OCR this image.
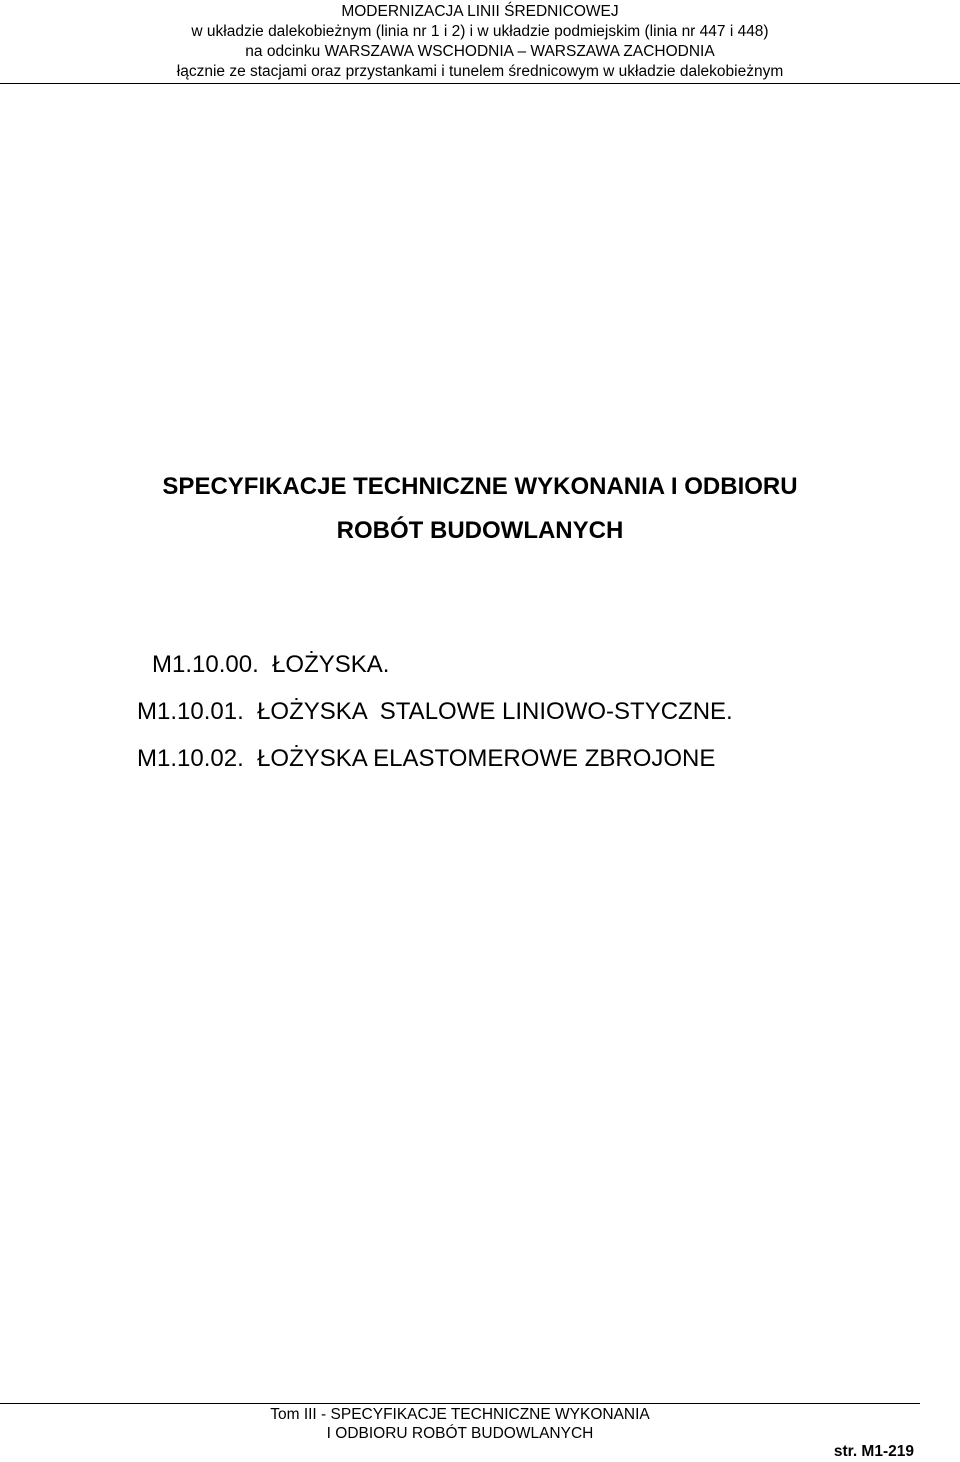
MODERNIZACJA LINII ŚREDNICOWEJ
w układzie dalekobieżnym (linia nr 1 i 2) i w układzie podmiejskim (linia nr 447 i 448)
na odcinku WARSZAWA WSCHODNIA – WARSZAWA ZACHODNIA
łącznie ze stacjami oraz przystankami i tunelem średnicowym w układzie dalekobieżnym
SPECYFIKACJE TECHNICZNE WYKONANIA I ODBIORU
ROBÓT BUDOWLANYCH
M1.10.00. ŁOŻYSKA.
M1.10.01. ŁOŻYSKA  STALOWE LINIOWO-STYCZNE.
M1.10.02. ŁOŻYSKA ELASTOMEROWE ZBROJONE
Tom III - SPECYFIKACJE TECHNICZNE WYKONANIA
I ODBIORU ROBÓT BUDOWLANYCH
str. M1-219
